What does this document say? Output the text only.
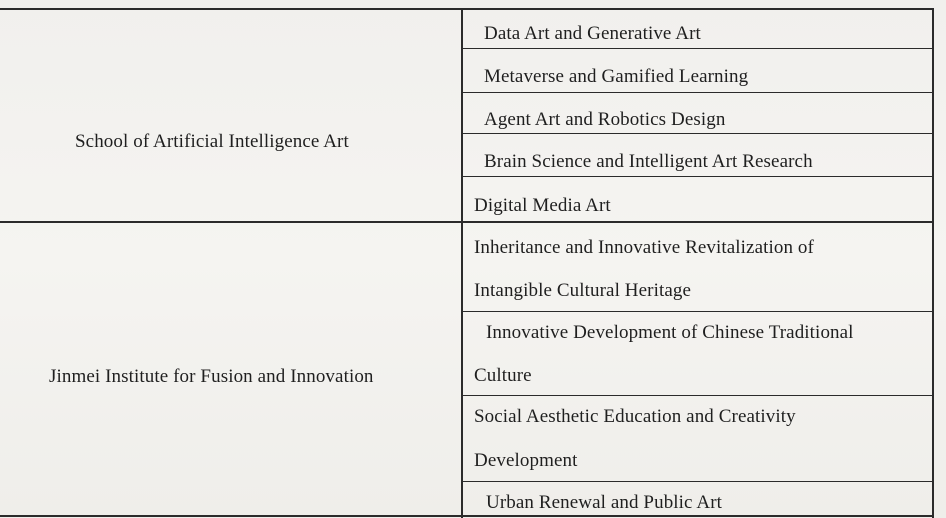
School of Artificial Intelligence Art
Jinmei Institute for Fusion and Innovation
Data Art and Generative Art
Metaverse and Gamified Learning
Agent Art and Robotics Design
Brain Science and Intelligent Art Research
Digital Media Art
Inheritance and Innovative Revitalization of
Intangible Cultural Heritage
Innovative Development of Chinese Traditional
Culture
Social Aesthetic Education and Creativity
Development
Urban Renewal and Public Art
